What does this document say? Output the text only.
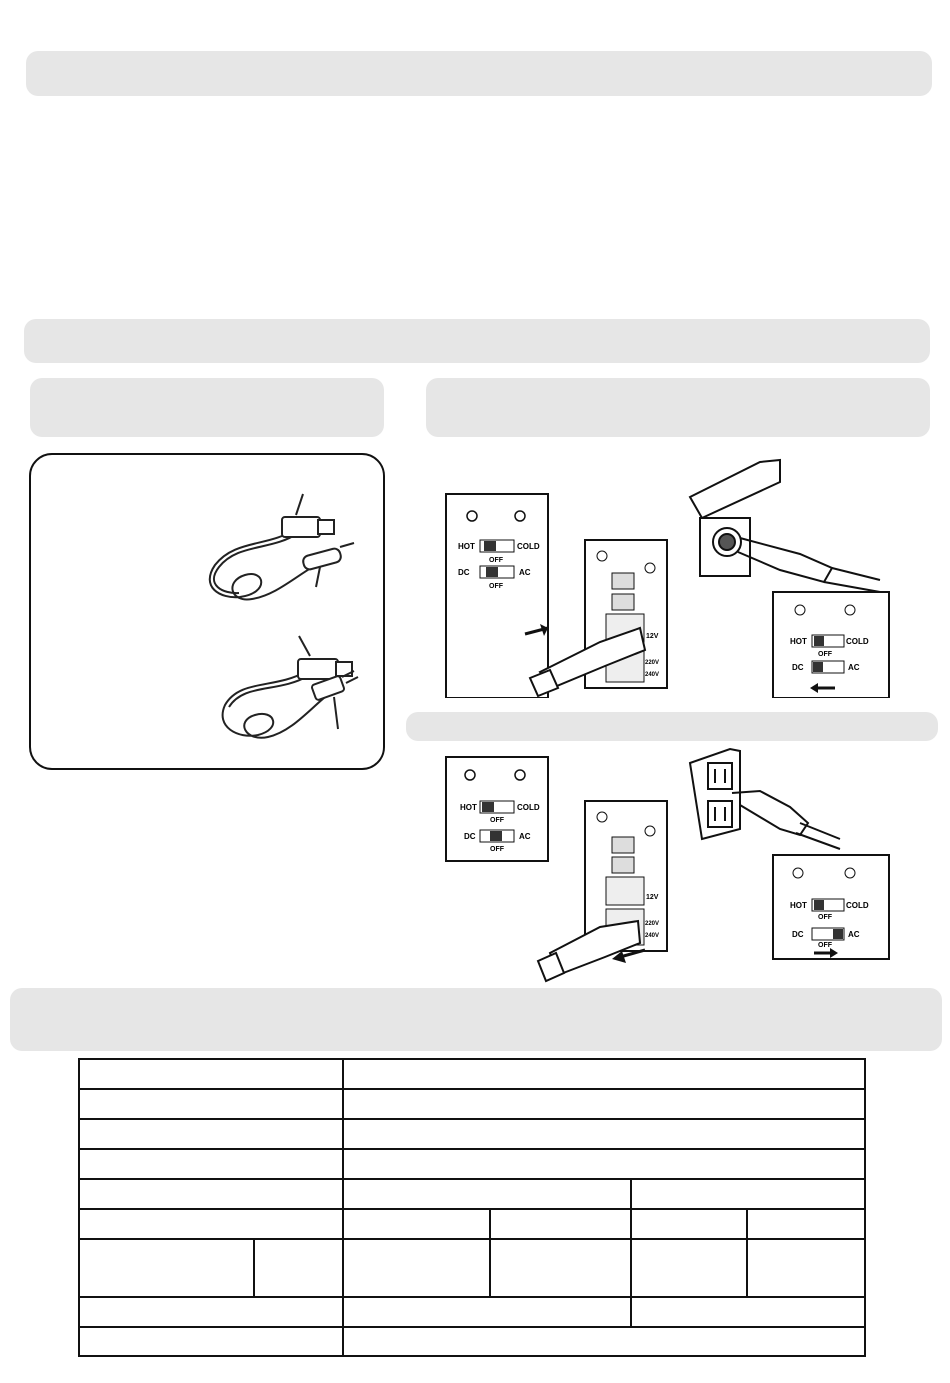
HOT	COLD
OFF
DC	AC
OFF
12V
220V
240V
HOT	COLD
OFF
DC	AC
HOT	COLD
OFF
DC	AC
OFF
12V
220V
240V
HOT	COLD
OFF
DC	AC
OFF
